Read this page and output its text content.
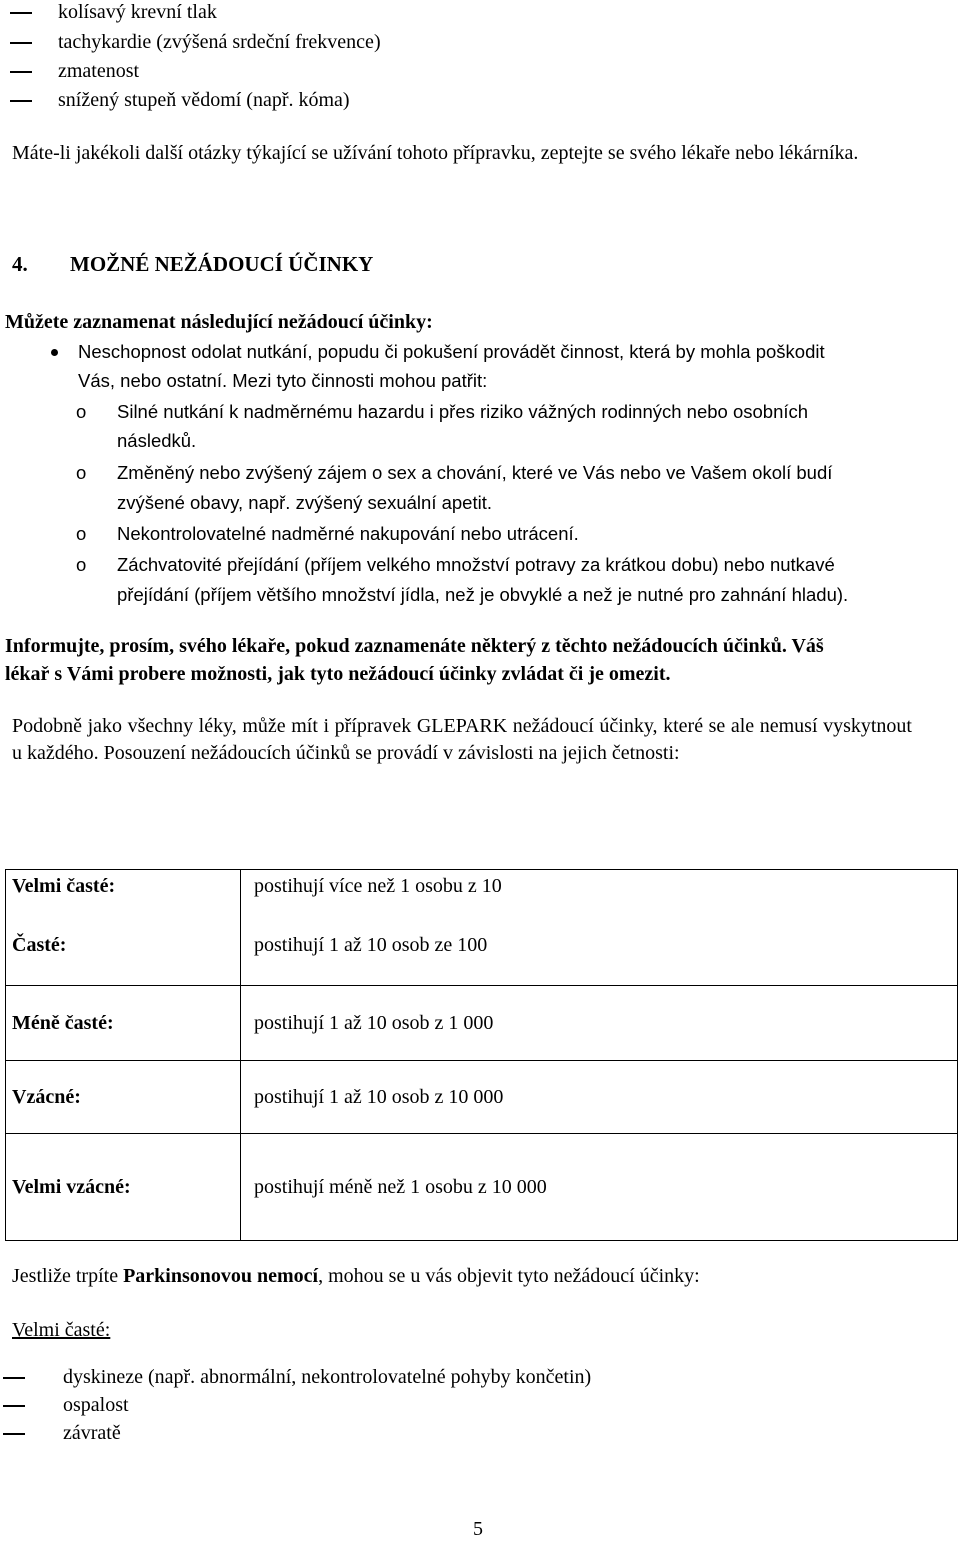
kolísavý krevní tlak
tachykardie (zvýšená srdeční frekvence)
zmatenost
snížený stupeň vědomí (např. kóma)
Máte-li jakékoli další otázky týkající se užívání tohoto přípravku, zeptejte se svého lékaře nebo lékárníka.
4. MOŽNÉ NEŽÁDOUCÍ ÚČINKY
Můžete zaznamenat následující nežádoucí účinky:
Neschopnost odolat nutkání, popudu či pokušení provádět činnost, která by mohla poškodit
Vás, nebo ostatní. Mezi tyto činnosti mohou patřit:
o Silné nutkání k nadměrnému hazardu i přes riziko vážných rodinných nebo osobních
následků.
o Změněný nebo zvýšený zájem o sex a chování, které ve Vás nebo ve Vašem okolí budí
zvýšené obavy, např. zvýšený sexuální apetit.
o Nekontrolovatelné nadměrné nakupování nebo utrácení.
o Záchvatovité přejídání (příjem velkého množství potravy za krátkou dobu) nebo nutkavé
přejídání (příjem většího množství jídla, než je obvyklé a než je nutné pro zahnání hladu).
Informujte, prosím, svého lékaře, pokud zaznamenáte některý z těchto nežádoucích účinků. Váš
lékař s Vámi probere možnosti, jak tyto nežádoucí účinky zvládat či je omezit.
Podobně jako všechny léky, může mít i přípravek GLEPARK nežádoucí účinky, které se ale nemusí vyskytnout u každého. Posouzení nežádoucích účinků se provádí v závislosti na jejich četnosti:
Velmi časté:	postihují více než 1 osobu z 10
Časté:	postihují 1 až 10 osob ze 100
Méně časté:	postihují 1 až 10 osob z 1 000
Vzácné:	postihují 1 až 10 osob z 10 000
Velmi vzácné:	postihují méně než 1 osobu z 10 000
Jestliže trpíte Parkinsonovou nemocí, mohou se u vás objevit tyto nežádoucí účinky:
Velmi časté:
dyskineze (např. abnormální, nekontrolovatelné pohyby končetin)
ospalost
závratě
5
